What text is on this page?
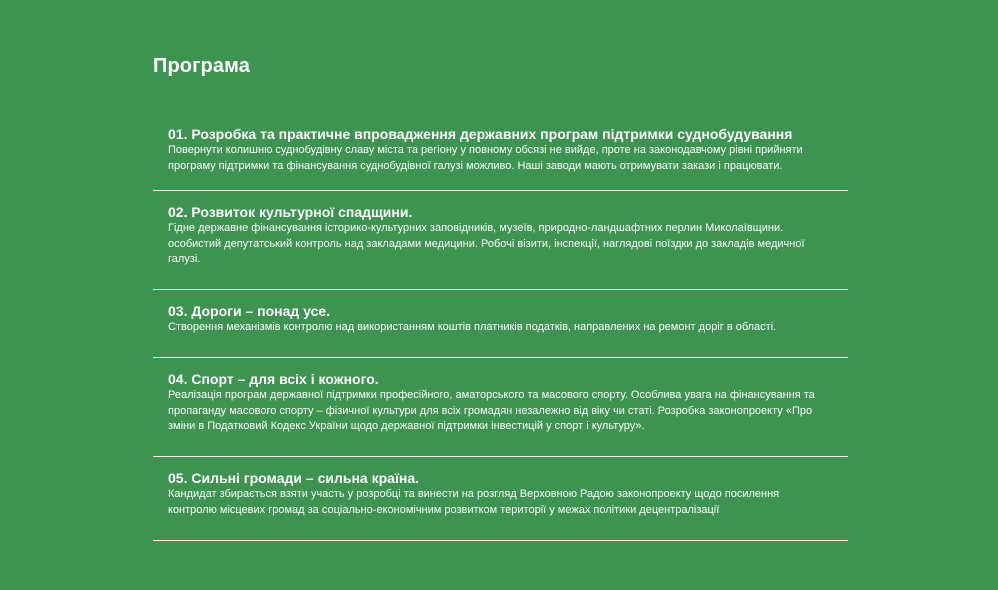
Програма
01. Розробка та практичне впровадження державних програм підтримки суднобудування

Повернути колишню суднобудівну славу міста та регіону у повному обсязі не вийде, проте на законодавчому рівні прийняти програму підтримки та фінансування суднобудівної галузі можливо. Наші заводи мають отримувати закази і працювати.

02. Розвиток культурної спадщини.

Гідне державне фінансування історико-культурних заповідників, музеїв, природно-ландшафтних перлин Миколаївщини. особистий депутатський контроль над закладами медицини. Робочі візити, інспекції, наглядові поїздки до закладів медичної галузі.

03. Дороги – понад усе.

Створення механізмів контролю над використанням коштів платників податків, направлених на ремонт доріг в області.

04. Спорт – для всіх і кожного.

Реалізація програм державної підтримки професійного, аматорського та масового спорту. Особлива увага на фінансування та пропаганду масового спорту – фізичної культури для всіх громадян незалежно від віку чи статі. Розробка законопроекту «Про зміни в Податковий Кодекс України щодо державної підтримки інвестицій у спорт і культуру».

05. Сильні громади – сильна країна.

Кандидат збирається взяти участь у розробці та винести на розгляд Верховною Радою законопроекту щодо посилення контролю місцевих громад за соціально-економічним розвитком території у межах політики децентралізації
